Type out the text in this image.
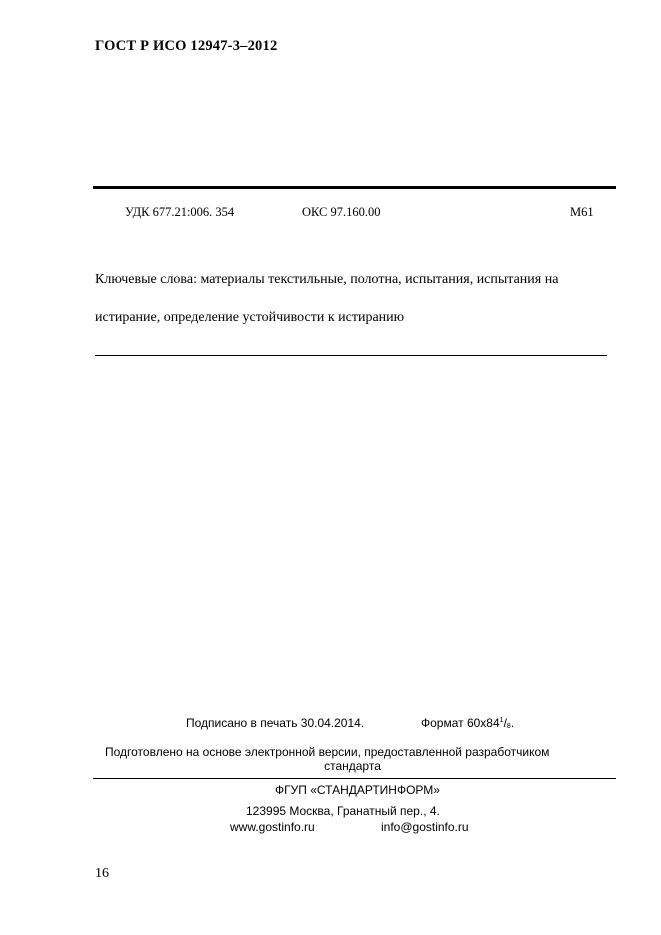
ГОСТ Р ИСО 12947-3–2012
УДК 677.21:006. 354	ОКС 97.160.00	М61
Ключевые слова: материалы текстильные, полотна, испытания, испытания на
истирание, определение устойчивости к истиранию
Подписано в печать 30.04.2014.	Формат $60х84^1/_8$.
Подготовлено на основе электронной версии, предоставленной разработчиком
стандарта
ФГУП «СТАНДАРТИНФОРМ»
123995 Москва, Гранатный пер., 4.
www.gostinfo.ru	info@gostinfo.ru
16
